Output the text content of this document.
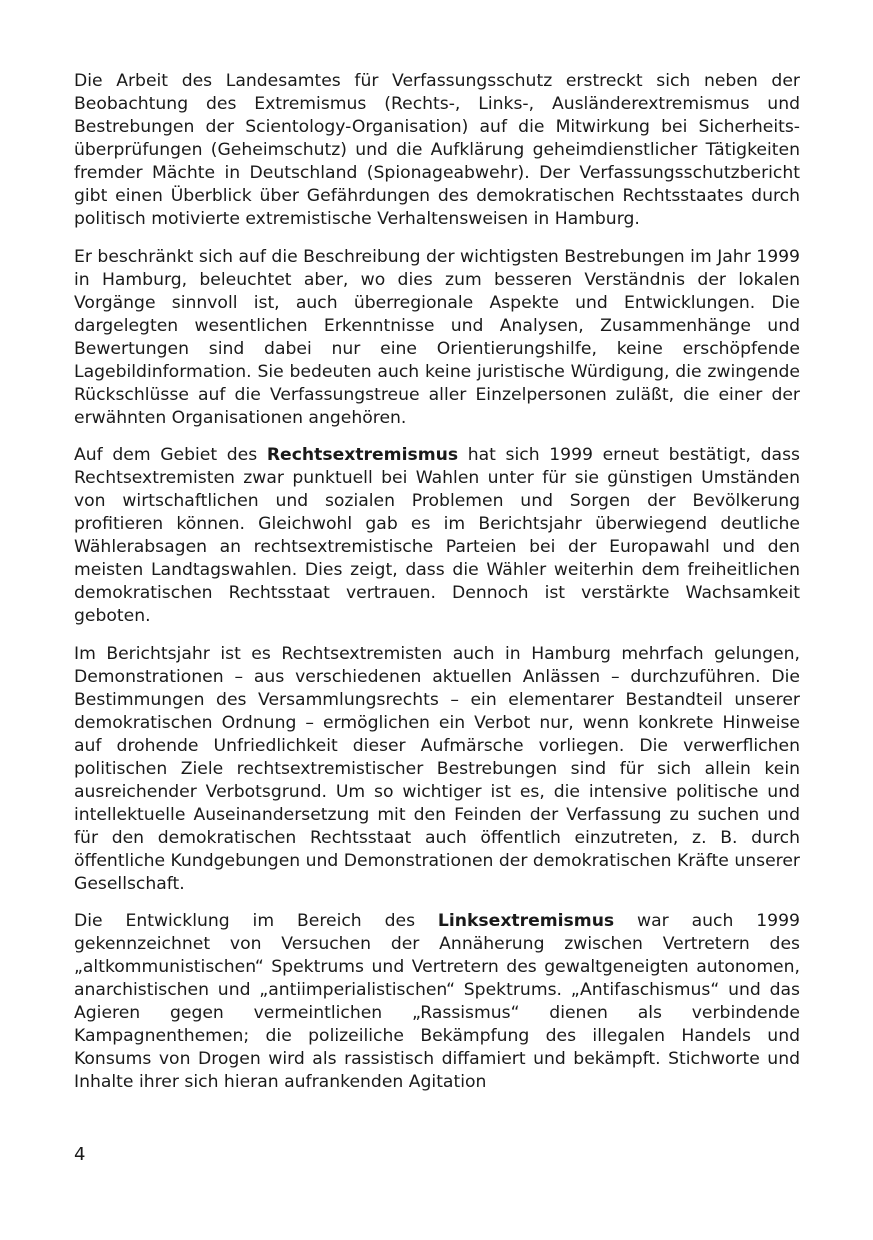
Die Arbeit des Landesamtes für Verfassungsschutz erstreckt sich neben der Beobachtung des Extremismus (Rechts-, Links-, Ausländerextremismus und Bestrebungen der Scientology-Organisation) auf die Mitwirkung bei Sicherheitsüberprüfungen (Geheimschutz) und die Aufklärung geheimdienstlicher Tätigkeiten fremder Mächte in Deutschland (Spionageabwehr). Der Verfassungsschutzbericht gibt einen Überblick über Gefährdungen des demokratischen Rechtsstaates durch politisch motivierte extremistische Verhaltensweisen in Hamburg.

Er beschränkt sich auf die Beschreibung der wichtigsten Bestrebungen im Jahr 1999 in Hamburg, beleuchtet aber, wo dies zum besseren Verständnis der lokalen Vorgänge sinnvoll ist, auch überregionale Aspekte und Entwicklungen. Die dargelegten wesentlichen Erkenntnisse und Analysen, Zusammenhänge und Bewertungen sind dabei nur eine Orientierungshilfe, keine erschöpfende Lagebildinformation. Sie bedeuten auch keine juristische Würdigung, die zwingende Rückschlüsse auf die Verfassungstreue aller Einzelpersonen zuläßt, die einer der erwähnten Organisationen angehören.

Auf dem Gebiet des Rechtsextremismus hat sich 1999 erneut bestätigt, dass Rechtsextremisten zwar punktuell bei Wahlen unter für sie günstigen Umständen von wirtschaftlichen und sozialen Problemen und Sorgen der Bevölkerung profitieren können. Gleichwohl gab es im Berichtsjahr überwiegend deutliche Wählerabsagen an rechtsextremistische Parteien bei der Europawahl und den meisten Landtagswahlen. Dies zeigt, dass die Wähler weiterhin dem freiheitlichen demokratischen Rechtsstaat vertrauen. Dennoch ist verstärkte Wachsamkeit geboten.

Im Berichtsjahr ist es Rechtsextremisten auch in Hamburg mehrfach gelungen, Demonstrationen – aus verschiedenen aktuellen Anlässen – durchzuführen. Die Bestimmungen des Versammlungsrechts – ein elementarer Bestandteil unserer demokratischen Ordnung – ermöglichen ein Verbot nur, wenn konkrete Hinweise auf drohende Unfriedlichkeit dieser Aufmärsche vorliegen. Die verwerflichen politischen Ziele rechtsextremistischer Bestrebungen sind für sich allein kein ausreichender Verbotsgrund. Um so wichtiger ist es, die intensive politische und intellektuelle Auseinandersetzung mit den Feinden der Verfassung zu suchen und für den demokratischen Rechtsstaat auch öffentlich einzutreten, z. B. durch öffentliche Kundgebungen und Demonstrationen der demokratischen Kräfte unserer Gesellschaft.

Die Entwicklung im Bereich des Linksextremismus war auch 1999 gekennzeichnet von Versuchen der Annäherung zwischen Vertretern des „altkommunistischen“ Spektrums und Vertretern des gewaltgeneigten autonomen, anarchistischen und „antiimperialistischen“ Spektrums. „Antifaschismus“ und das Agieren gegen vermeintlichen „Rassismus“ dienen als verbindende Kampagnenthemen; die polizeiliche Bekämpfung des illegalen Handels und Konsums von Drogen wird als rassistisch diffamiert und bekämpft. Stichworte und Inhalte ihrer sich hieran aufrankenden Agitation

4
